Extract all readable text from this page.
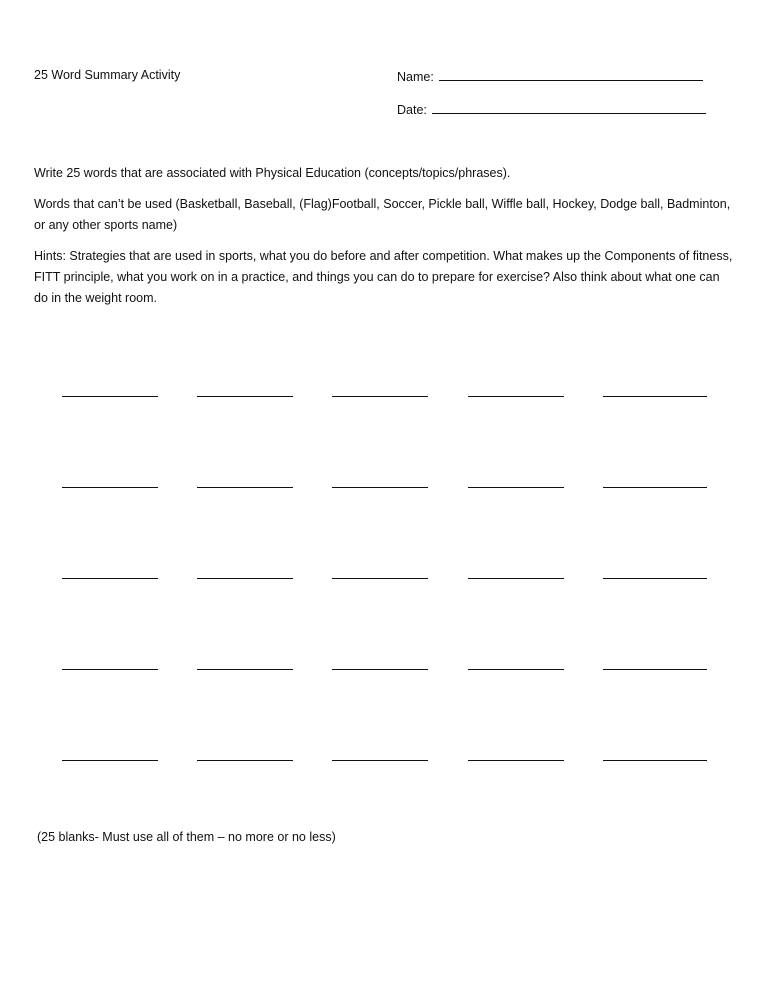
25 Word Summary Activity	Name:
Date:
Write 25 words that are associated with Physical Education (concepts/topics/phrases).
Words that can’t be used (Basketball, Baseball, (Flag)Football, Soccer, Pickle ball, Wiffle ball, Hockey, Dodge ball, Badminton, or any other sports name)
Hints: Strategies that are used in sports, what you do before and after competition. What makes up the Components of fitness, FITT principle, what you work on in a practice, and things you can do to prepare for exercise? Also think about what one can do in the weight room.
(25 blanks- Must use all of them – no more or no less)
